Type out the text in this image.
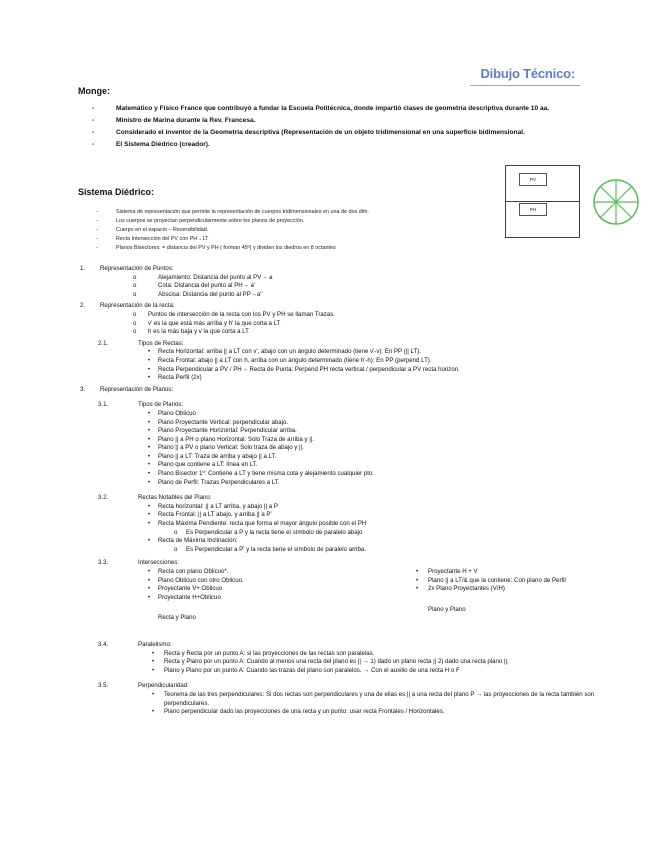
Dibujo Técnico:
Monge:
-	Matemático y Físico France que contribuyó a fundar la Escuela Politécnica, donde impartió clases de geometría descriptiva durante 10 aa.
-	Ministro de Marina durante la Rev. Francesa.
-	Considerado el inventor de la Geometría descriptiva (Representación de un objeto tridimensional en una superficie bidimensional.
-	El Sistema Diédrico (creador).
Sistema Diédrico:
-	Sistema de representación que permite la representación de cuerpos tridimensionales en una de dos dim.
-	Los cuerpos se proyectan perpendicularmente sobre los planos de proyección.
-	Cuerpo en el espacio – Reversibilidad.
-	Recta Intersección del PV con PH→LT
-	Planos Bisectores: = distancia del PV y PH ( forman 45º) y dividen los diedros en 8 octantes
PV
PH
1. Representación de Puntos:
o	Alejamiento: Distancia del punto al PV→ a
o	Cota: Distancia del punto al PH→ a'
o	Abscisa: Distancia del punto al PP→a''
2. Representación de la recta:
o Puntos de intersección de la recta con los PV y PH se llaman Trazas.
o v' es la que está más arriba y h' la que corta a LT
o h es la más baja y v la que corta a LT
2.1.	Tipos de Rectas:
• Recta Horizontal: arriba || a LT con v', abajo con un ángulo determinado (tiene v'-v): En PP (|| LT).
• Recta Frontal: abajo || a LT con h, arriba con un ángulo determinado (tiene h'-h): En PP (perpend LT).
• Recta Perpendicular a PV / PH→ Recta de Punta: Perpend PH recta vertical / perpendicular a PV recta horizon.
• Recta Perfil (2x)
3. Representación de Planos:
3.1.	Tipos de Planos:
• Plano Oblicuo
• Plano Proyectante Vertical: perpendicular abajo.
• Plano Proyectante Horizontal: Perpendicular arriba.
• Plano || a PH o plano Horizontal: Solo Traza de arriba y ||.
• Plano || a PV o plano Vertical: Solo traza de abajo y ||.
• Plano || a LT: Traza de arriba y abajo || a LT.
• Plano que contiene a LT: línea en LT.
• Plano Bisector 1º: Contiene a LT y tiene misma cota y alejamiento cualquier pto.
• Plano de Perfil: Trazas Perpendiculares a LT.
3.2.	Rectas Notables del Plano:
• Recta horizontal: || a LT arriba, y abajo || a P
• Recta Frontal: || a LT abajo, y arriba || a P'
• Recta Máxima Pendiente: recta que forma el mayor ángulo posible con el PH
o Es Perpendicular a P y la recta tiene el símbolo de paralelo abajo
• Recta de Máxima Inclinación:
o Es Perpendicular a P' y la recta tiene el símbolo de paralelo arriba.
3.3.	Intersecciones:
• Recta con plano Oblicuo*.
• Plano Oblicuo con otro Oblicuo.
• Proyectante V+ Oblicuo
• Proyectante H+Oblicuo
Recta y Plano
• Proyectante H + V
• Plano || a LT/& que la contiene: Con plano de Perfil
• 2x Plano Proyectantes (V/H)
Plano y Plano
3.4.	Paralelismo:
• Recta y Recta por un punto A: si las proyecciones de las rectas son paralelas.
• Recta y Plano por un punto A: Cuando al menos una recta del plano es || → 1) dado un plano recta || 2) dado una recta plano ||.
• Plano y Plano por un punto A: Cuando las trazas del plano son paralelos. → Con el auxilio de una recta H o F
3.5.	Perpendicularidad:
• Teorema de las tres perpendiculares: Si dos rectas son perpendiculares y una de ellas es || a una recta del plano P → las proyecciones de la recta también son perpendiculares.
• Plano perpendicular dado las proyecciones de una recta y un punto: usar recta Frontales / Horizontales.
